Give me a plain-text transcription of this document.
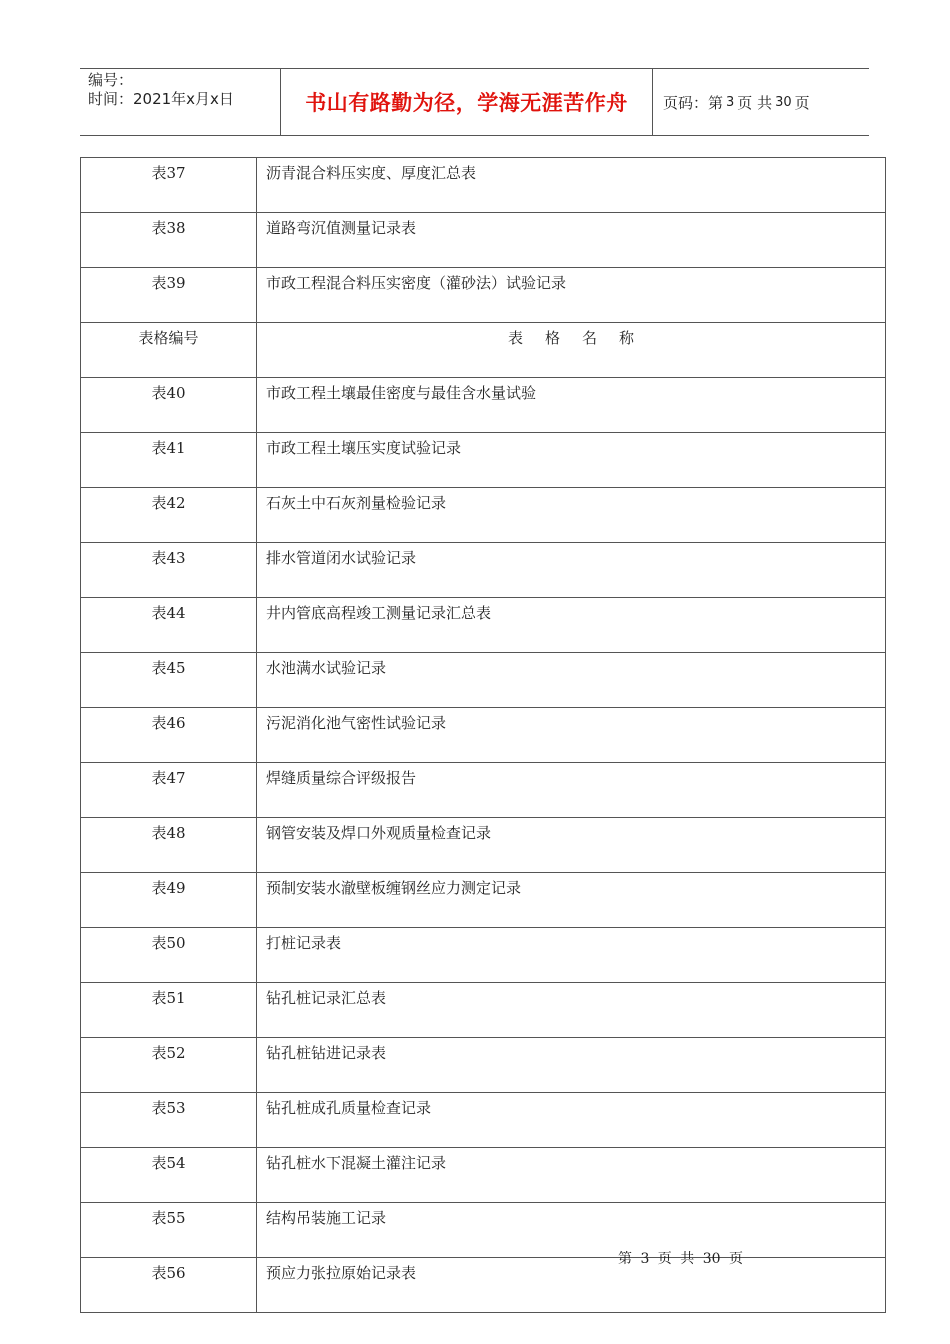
编号：
时间：2021年x月x日	书山有路勤为径，学海无涯苦作舟	页码：第 3 页 共 30 页
表37	沥青混合料压实度、厚度汇总表
表38	道路弯沉值测量记录表
表39	市政工程混合料压实密度（灌砂法）试验记录
表格编号	表格名称
表40	市政工程土壤最佳密度与最佳含水量试验
表41	市政工程土壤压实度试验记录
表42	石灰土中石灰剂量检验记录
表43	排水管道闭水试验记录
表44	井内管底高程竣工测量记录汇总表
表45	水池满水试验记录
表46	污泥消化池气密性试验记录
表47	焊缝质量综合评级报告
表48	钢管安装及焊口外观质量检查记录
表49	预制安装水澈壁板缠钢丝应力测定记录
表50	打桩记录表
表51	钻孔桩记录汇总表
表52	钻孔桩钻进记录表
表53	钻孔桩成孔质量检查记录
表54	钻孔桩水下混凝土灌注记录
表55	结构吊装施工记录
表56	预应力张拉原始记录表
第 3 页 共 30 页
